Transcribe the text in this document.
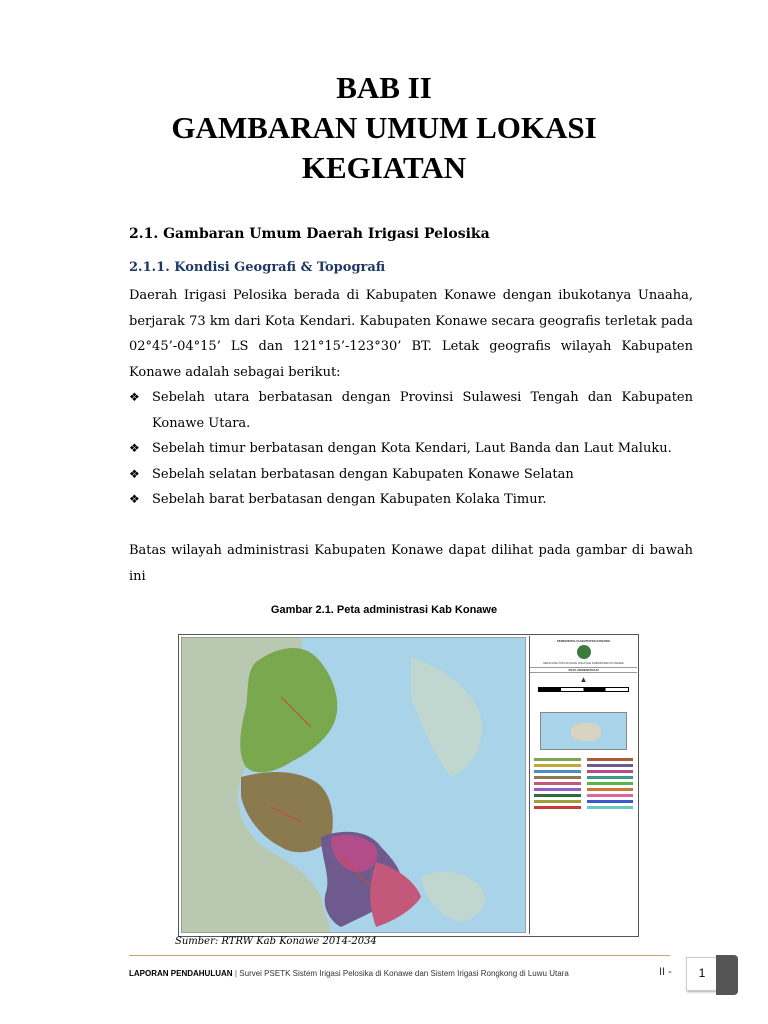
BAB II
GAMBARAN UMUM LOKASI
KEGIATAN
2.1. Gambaran Umum Daerah Irigasi Pelosika
2.1.1. Kondisi Geografi & Topografi
Daerah Irigasi Pelosika berada di Kabupaten Konawe dengan ibukotanya Unaaha, berjarak 73 km dari Kota Kendari. Kabupaten Konawe secara geografis terletak pada 02°45’-04°15’ LS dan 121°15’-123°30’ BT. Letak geografis wilayah Kabupaten Konawe adalah sebagai berikut:
❖ Sebelah utara berbatasan dengan Provinsi Sulawesi Tengah dan Kabupaten Konawe Utara.
❖ Sebelah timur berbatasan dengan Kota Kendari, Laut Banda dan Laut Maluku.
❖ Sebelah selatan berbatasan dengan Kabupaten Konawe Selatan
❖ Sebelah barat berbatasan dengan Kabupaten Kolaka Timur.
Batas wilayah administrasi Kabupaten Konawe dapat dilihat pada gambar di bawah ini
Gambar 2.1. Peta administrasi Kab Konawe
PEMERINTAH KABUPATEN KONAWE
RENCANA TATA RUANG WILAYAH KABUPATEN KONAWE
PETA ADMINISTRASI
▲
Sumber: RTRW Kab Konawe 2014-2034
LAPORAN PENDAHULUAN | Survei PSETK Sistem Irigasi Pelosika di Konawe dan Sistem Irigasi Rongkong di Luwu Utara	II -	1
